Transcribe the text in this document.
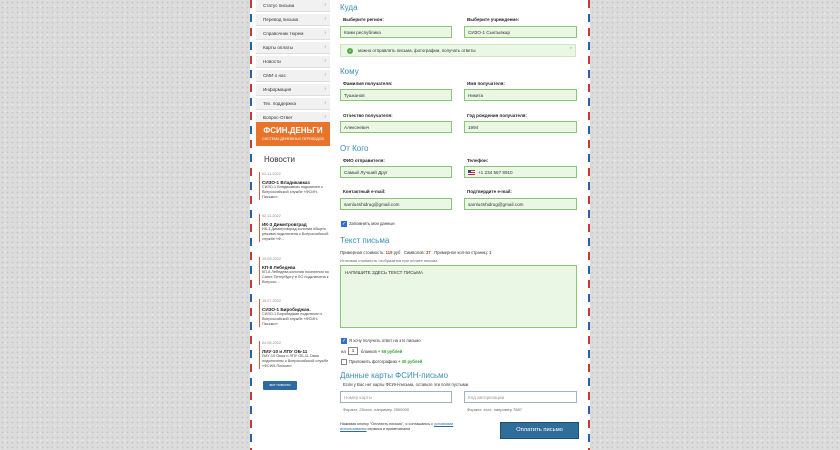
Статус письма	›
Перевод письма	›
Справочник тюрем	›
Карты оплаты	›
Новости	›
СМИ о нас	›
Информация	›
Тех. поддержка	›
Вопрос-Ответ	›
ФСИН.ДЕНЬГИ
СИСТЕМА ДЕНЕЖНЫХ ПЕРЕВОДОВ
Новости
02.11.2022
СИЗО-1 Владикавказ
СИЗО-1 Владикавказ подключен к Всероссийской службе «ФСИН-Письмо»
02.11.2022
ИК-3 Димитровград
ИК-3 Димитровград колония общего режима подключена к Всероссийской службе «Ф...
19.09.2022
КП-8 Лебедева
КП-8 Лебедева колония поселения по Санкт-Петербургу и ЛО подключена к Всеросс...
15.07.2022
СИЗО-1 Биробиджан.
СИЗО-1 Биробиджан подключен к Всероссийской службе «ФСИН-Письмо»
04.05.2022
ЛИУ-10 и ЛПУ ОБ-11
ЛИУ-10 Омск и ЛПУ ОБ-11 Омск подключены к Всероссийской службе «ФСИН-Письмо»
все новости
Куда
Выберите регион:
Коми республика
Выберите учреждение:
СИЗО-1 Сыктывкар
✓	можно отправлять письма, фотографии, получать ответы
×
Кому
Фамилия получателя:
Тушканов
Имя получателя:
Никита
Отчество получателя:
Алексеевич
Год рождения получателя:
1994
От Кого
ФИО отправителя:
Самый Лучший Друг
Телефон:
+1 234 567 8910
Контактный e-mail:
samlu4shidrug@gmail.com
Подтвердите e-mail:
samlu4shidrug@gmail.com
✓ Запомнить мои данные
Текст письма
Примерная стоимость: 119 руб Символов: 37 Примерное кол-во страниц: 1
Итоговая стоимость отобразится при оплате письма
НАПИШИТЕ ЗДЕСЬ ТЕКСТ ПИСЬМА
✓ Я хочу получить ответ на это письмо
на	1	бланков + 55 рублей
Приложить фотографию + 30 рублей
Данные карты ФСИН-письмо
Если у Вас нет карты ФСИН-письма, оставьте эти поля пустыми
Номер карты	Код авторизации
Формат: 25хххх, например 2500000	Формат: хххх, например 7687
Нажимая кнопку "Оплатить письмо", я соглашаюсь с условиями использования сервиса и примечанием	Оплатить письмо
